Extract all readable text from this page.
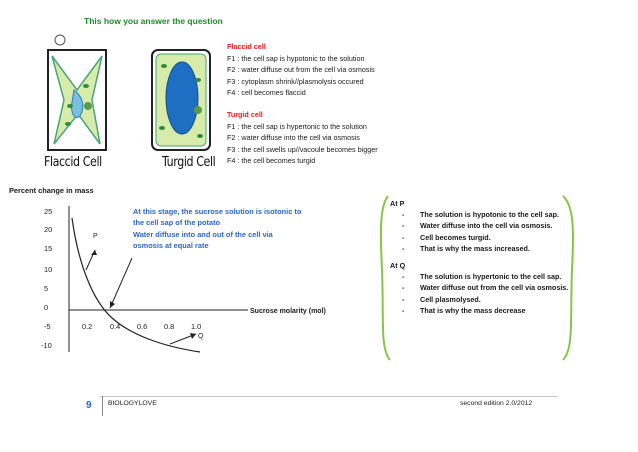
This how you answer the question
Flaccid Cell	Turgid Cell
Flaccid cell
F1 : the cell sap is hypotonic to the solution
F2 : water diffuse out from the cell via osmosis
F3 : cytoplasm shrink//plasmolysis occured
F4 : cell becomes flaccid
Turgid cell
F1 : the cell sap is hypertonic to the solution
F2 : water diffuse into the cell via osmosis
F3 : the cell swells up//vacoule becomes bigger
F4 : the cell becomes turgid
Percent change in mass
25
20
15
10
5
0
-5
-10
0.2 0.4 0.6 0.8 1.0
P
Q
At this stage, the sucrose solution is isotonic to
the cell sap of the potato
Water diffuse into and out of the cell via
osmosis at equal rate
Sucrose molarity (mol)
At P
- The solution is hypotonic to the cell sap.
- Water diffuse into the cell via osmosis.
- Cell becomes turgid.
- That is why the mass increased.
At Q
- The solution is hypertonic to the cell sap.
- Water diffuse out from the cell via osmosis.
- Cell plasmolysed.
- That is why the mass decrease
9 BIOLOGYLOVE	second edition 2.0/2012
